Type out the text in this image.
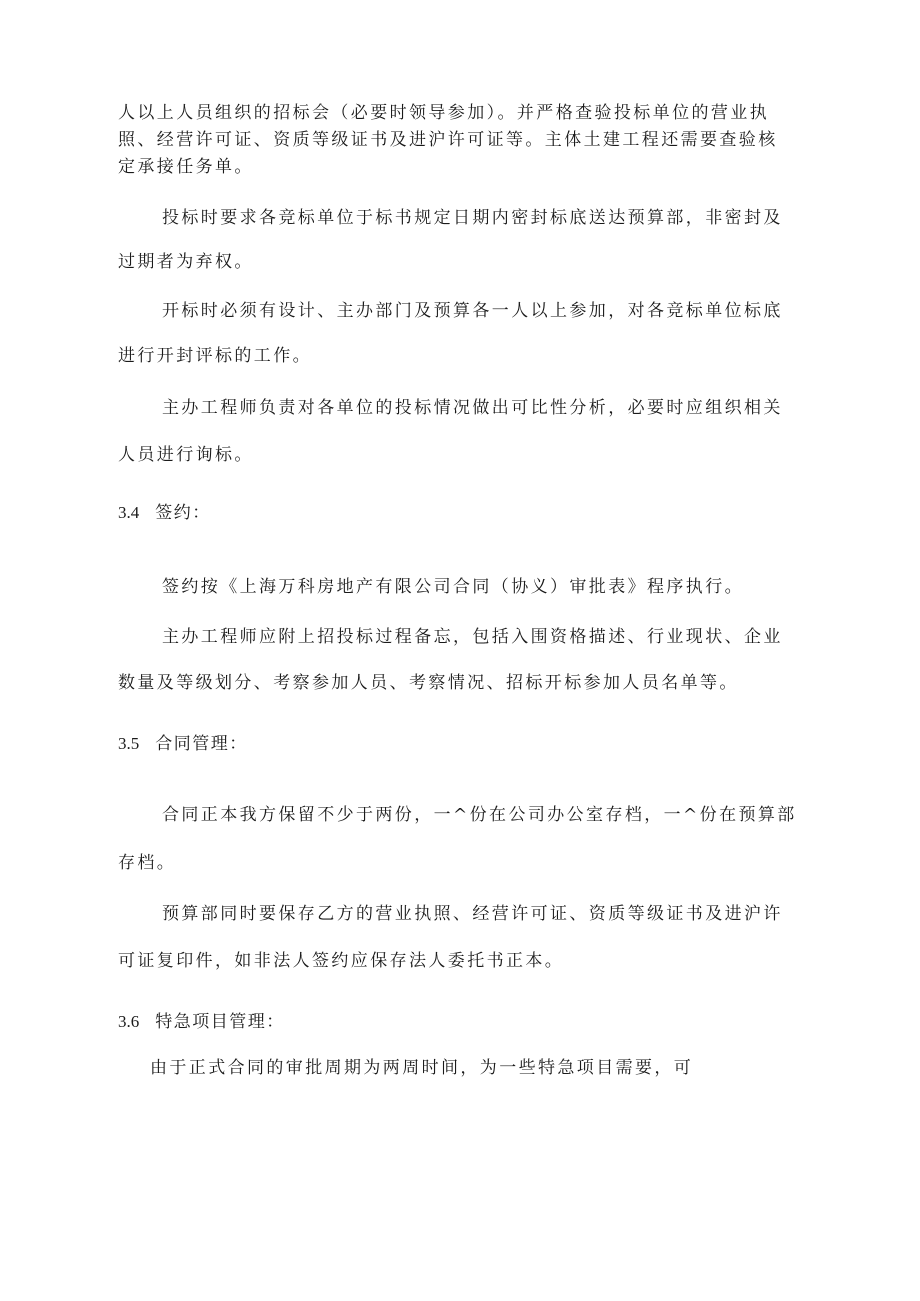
人以上人员组织的招标会（必要时领导参加）。并严格查验投标单位的营业执
照、经营许可证、资质等级证书及进沪许可证等。主体土建工程还需要查验核
定承接任务单。
投标时要求各竞标单位于标书规定日期内密封标底送达预算部，非密封及
过期者为弃权。
开标时必须有设计、主办部门及预算各一人以上参加，对各竞标单位标底
进行开封评标的工作。
主办工程师负责对各单位的投标情况做出可比性分析，必要时应组织相关
人员进行询标。
3.4 签约：
签约按《上海万科房地产有限公司合同（协义）审批表》程序执行。
主办工程师应附上招投标过程备忘，包括入围资格描述、行业现状、企业
数量及等级划分、考察参加人员、考察情况、招标开标参加人员名单等。
3.5 合同管理：
合同正本我方保留不少于两份，一^份在公司办公室存档，一^份在预算部
存档。
预算部同时要保存乙方的营业执照、经营许可证、资质等级证书及进沪许
可证复印件，如非法人签约应保存法人委托书正本。
3.6 特急项目管理：
由于正式合同的审批周期为两周时间，为一些特急项目需要，可
